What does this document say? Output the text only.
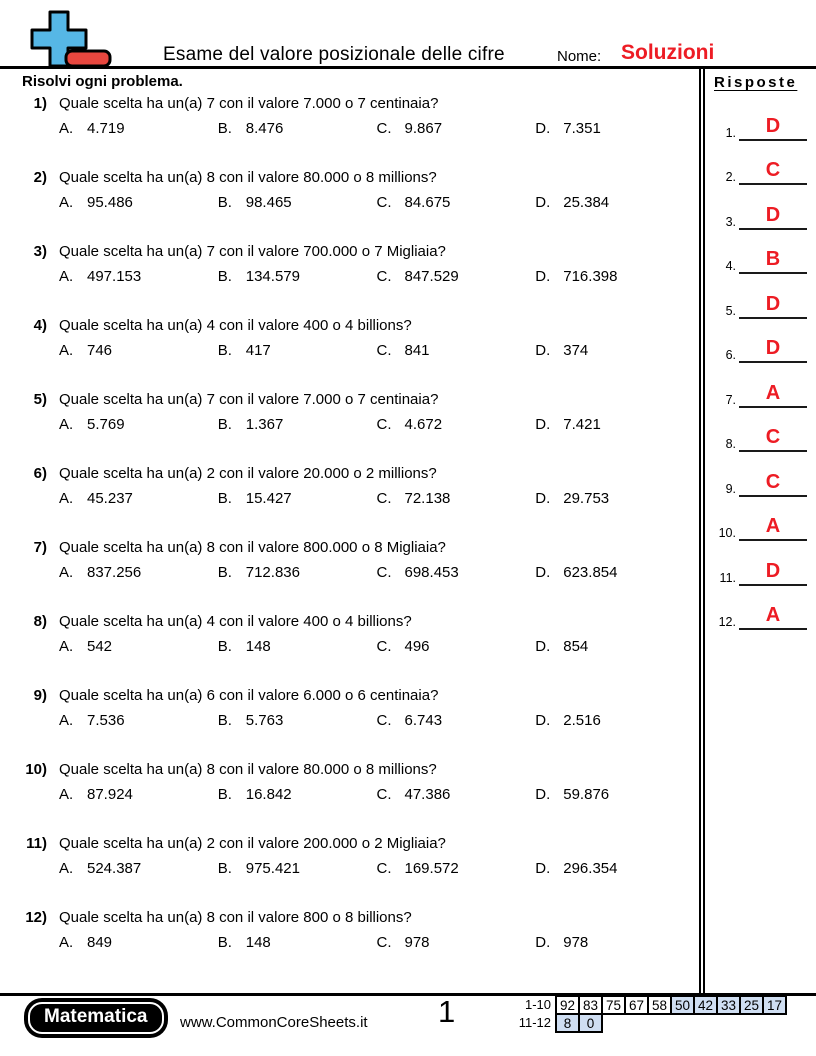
Esame del valore posizionale delle cifre	Nome: Soluzioni
Risolvi ogni problema.
1) Quale scelta ha un(a) 7 con il valore 7.000 o 7 centinaia?
A. 4.719	B. 8.476	C. 9.867	D. 7.351
2) Quale scelta ha un(a) 8 con il valore 80.000 o 8 millions?
A. 95.486	B. 98.465	C. 84.675	D. 25.384
3) Quale scelta ha un(a) 7 con il valore 700.000 o 7 Migliaia?
A. 497.153	B. 134.579	C. 847.529	D. 716.398
4) Quale scelta ha un(a) 4 con il valore 400 o 4 billions?
A. 746	B. 417	C. 841	D. 374
5) Quale scelta ha un(a) 7 con il valore 7.000 o 7 centinaia?
A. 5.769	B. 1.367	C. 4.672	D. 7.421
6) Quale scelta ha un(a) 2 con il valore 20.000 o 2 millions?
A. 45.237	B. 15.427	C. 72.138	D. 29.753
7) Quale scelta ha un(a) 8 con il valore 800.000 o 8 Migliaia?
A. 837.256	B. 712.836	C. 698.453	D. 623.854
8) Quale scelta ha un(a) 4 con il valore 400 o 4 billions?
A. 542	B. 148	C. 496	D. 854
9) Quale scelta ha un(a) 6 con il valore 6.000 o 6 centinaia?
A. 7.536	B. 5.763	C. 6.743	D. 2.516
10) Quale scelta ha un(a) 8 con il valore 80.000 o 8 millions?
A. 87.924	B. 16.842	C. 47.386	D. 59.876
11) Quale scelta ha un(a) 2 con il valore 200.000 o 2 Migliaia?
A. 524.387	B. 975.421	C. 169.572	D. 296.354
12) Quale scelta ha un(a) 8 con il valore 800 o 8 billions?
A. 849	B. 148	C. 978	D. 978
Risposte
1.	D
2.	C
3.	D
4.	B
5.	D
6.	D
7.	A
8.	C
9.	C
10.	A
11.	D
12.	A
Matematica	www.CommonCoreSheets.it 1	1-10 92 83 75 67 58 50 42 33 25 17
11-12 8	0
